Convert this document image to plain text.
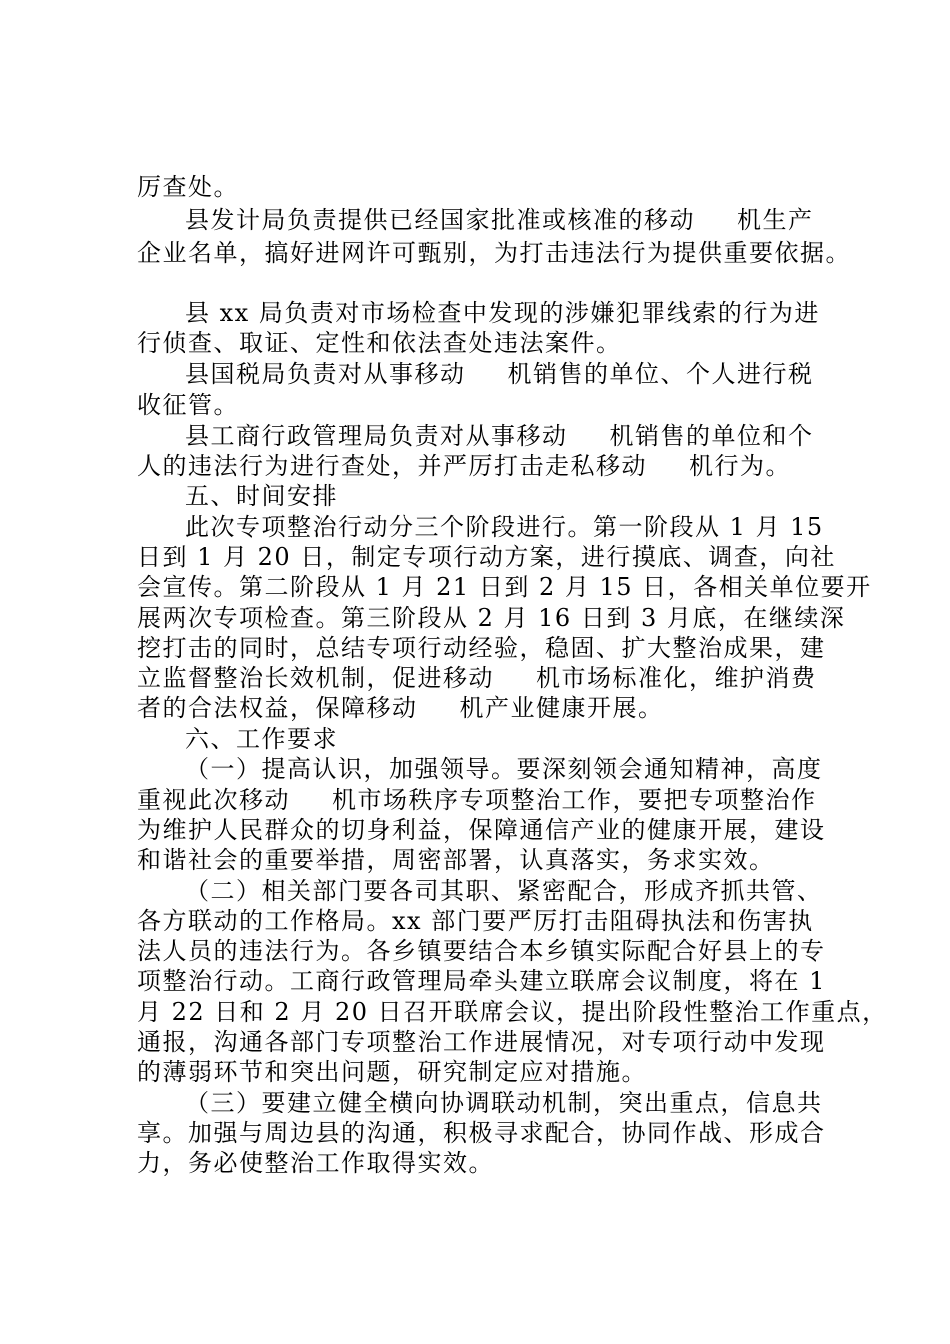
厉查处。
县发计局负责提供已经国家批准或核准的移动 机生产
企业名单，搞好进网许可甄别，为打击违法行为提供重要依据。
县 xx 局负责对市场检查中发现的涉嫌犯罪线索的行为进
行侦查、取证、定性和依法查处违法案件。
县国税局负责对从事移动 机销售的单位、个人进行税
收征管。
县工商行政管理局负责对从事移动 机销售的单位和个
人的违法行为进行查处，并严厉打击走私移动 机行为。
五、时间安排
此次专项整治行动分三个阶段进行。第一阶段从 1 月 15
日到 1 月 20 日，制定专项行动方案，进行摸底、调查，向社
会宣传。第二阶段从 1 月 21 日到 2 月 15 日，各相关单位要开
展两次专项检查。第三阶段从 2 月 16 日到 3 月底，在继续深
挖打击的同时，总结专项行动经验，稳固、扩大整治成果，建
立监督整治长效机制，促进移动 机市场标准化，维护消费
者的合法权益，保障移动 机产业健康开展。
六、工作要求
（一）提高认识，加强领导。要深刻领会通知精神，高度
重视此次移动 机市场秩序专项整治工作，要把专项整治作
为维护人民群众的切身利益，保障通信产业的健康开展，建设
和谐社会的重要举措，周密部署，认真落实，务求实效。
（二）相关部门要各司其职、紧密配合，形成齐抓共管、
各方联动的工作格局。xx 部门要严厉打击阻碍执法和伤害执
法人员的违法行为。各乡镇要结合本乡镇实际配合好县上的专
项整治行动。工商行政管理局牵头建立联席会议制度，将在 1
月 22 日和 2 月 20 日召开联席会议，提出阶段性整治工作重点，
通报，沟通各部门专项整治工作进展情况，对专项行动中发现
的薄弱环节和突出问题，研究制定应对措施。
（三）要建立健全横向协调联动机制，突出重点，信息共
享。加强与周边县的沟通，积极寻求配合，协同作战、形成合
力，务必使整治工作取得实效。
